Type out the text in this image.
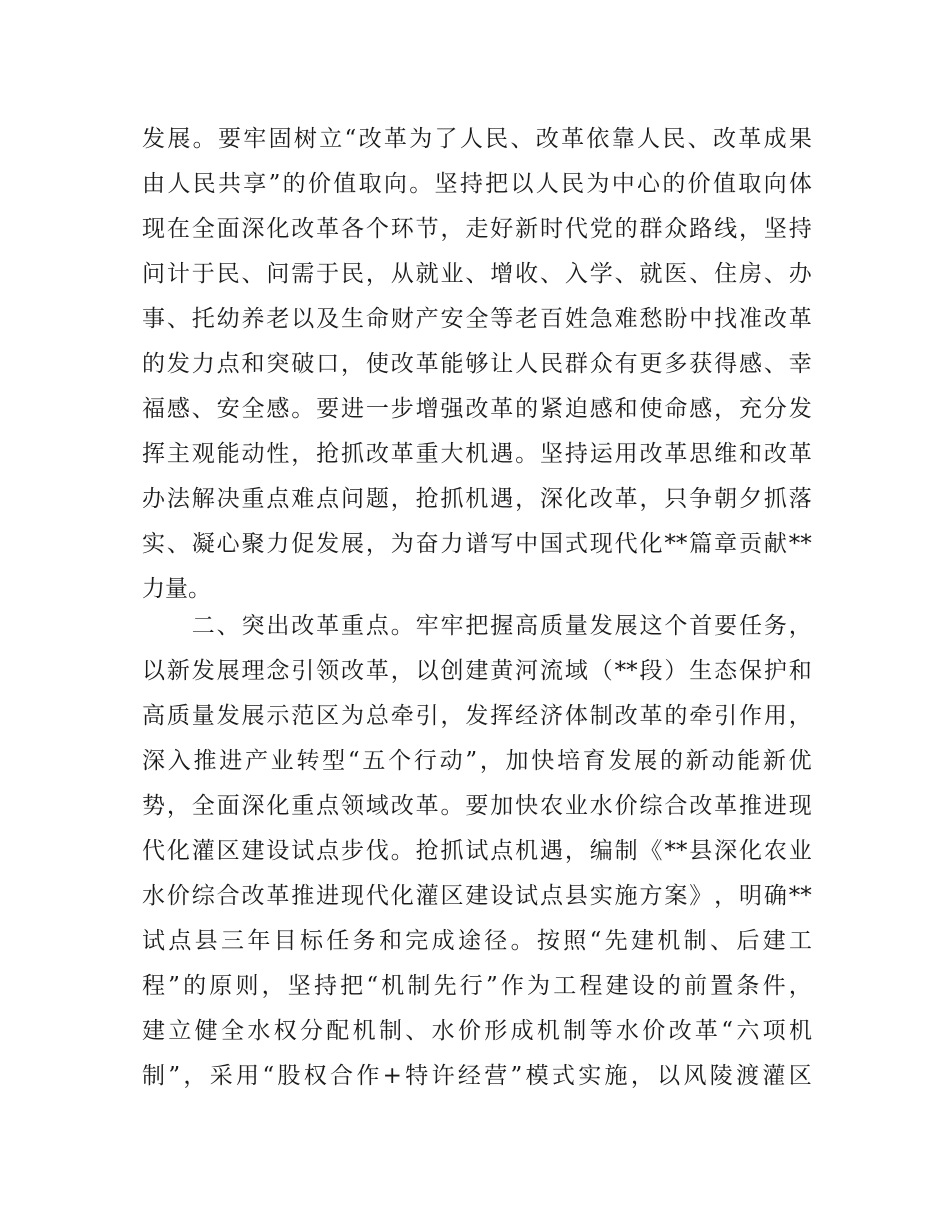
发 展 。 要 牢 固 树 立 “ 改 革 为 了 人 民 、 改 革 依 靠 人 民 、 改 革 成 果
由 人 民 共 享 ” 的 价 值 取 向 。 坚 持 把 以 人 民 为 中 心 的 价 值 取 向 体
现 在 全 面 深 化 改 革 各 个 环 节 ， 走 好 新 时 代 党 的 群 众 路 线 ， 坚 持
问 计 于 民 、 问 需 于 民 ， 从 就 业 、 增 收 、 入 学 、 就 医 、 住 房 、 办
事 、 托 幼 养 老 以 及 生 命 财 产 安 全 等 老 百 姓 急 难 愁 盼 中 找 准 改 革
的 发 力 点 和 突 破 口 ， 使 改 革 能 够 让 人 民 群 众 有 更 多 获 得 感 、 幸
福 感 、 安 全 感 。 要 进 一 步 增 强 改 革 的 紧 迫 感 和 使 命 感 ， 充 分 发
挥 主 观 能 动 性 ， 抢 抓 改 革 重 大 机 遇 。 坚 持 运 用 改 革 思 维 和 改 革
办 法 解 决 重 点 难 点 问 题 ， 抢 抓 机 遇 ， 深 化 改 革 ， 只 争 朝 夕 抓 落
实 、 凝 心 聚 力 促 发 展 ， 为 奋 力 谱 写 中 国 式 现 代 化 ** 篇 章 贡 献 **
力 量 。

二 、 突 出 改 革 重 点 。 牢 牢 把 握 高 质 量 发 展 这 个 首 要 任 务 ，
以 新 发 展 理 念 引 领 改 革 ， 以 创 建 黄 河 流 域 （ ** 段 ） 生 态 保 护 和
高 质 量 发 展 示 范 区 为 总 牵 引 ， 发 挥 经 济 体 制 改 革 的 牵 引 作 用 ，
深 入 推 进 产 业 转 型 “ 五 个 行 动 ” ， 加 快 培 育 发 展 的 新 动 能 新 优
势 ， 全 面 深 化 重 点 领 域 改 革 。 要 加 快 农 业 水 价 综 合 改 革 推 进 现
代 化 灌 区 建 设 试 点 步 伐 。 抢 抓 试 点 机 遇 ， 编 制 《 ** 县 深 化 农 业
水 价 综 合 改 革 推 进 现 代 化 灌 区 建 设 试 点 县 实 施 方 案 》 ， 明 确 **
试 点 县 三 年 目 标 任 务 和 完 成 途 径 。 按 照 “ 先 建 机 制 、 后 建 工
程 ” 的 原 则 ， 坚 持 把 “ 机 制 先 行 ” 作 为 工 程 建 设 的 前 置 条 件 ，
建 立 健 全 水 权 分 配 机 制 、 水 价 形 成 机 制 等 水 价 改 革 “ 六 项 机
制 ” ， 采 用 “ 股 权 合 作 + 特 许 经 营 ” 模 式 实 施 ， 以 风 陵 渡 灌 区
